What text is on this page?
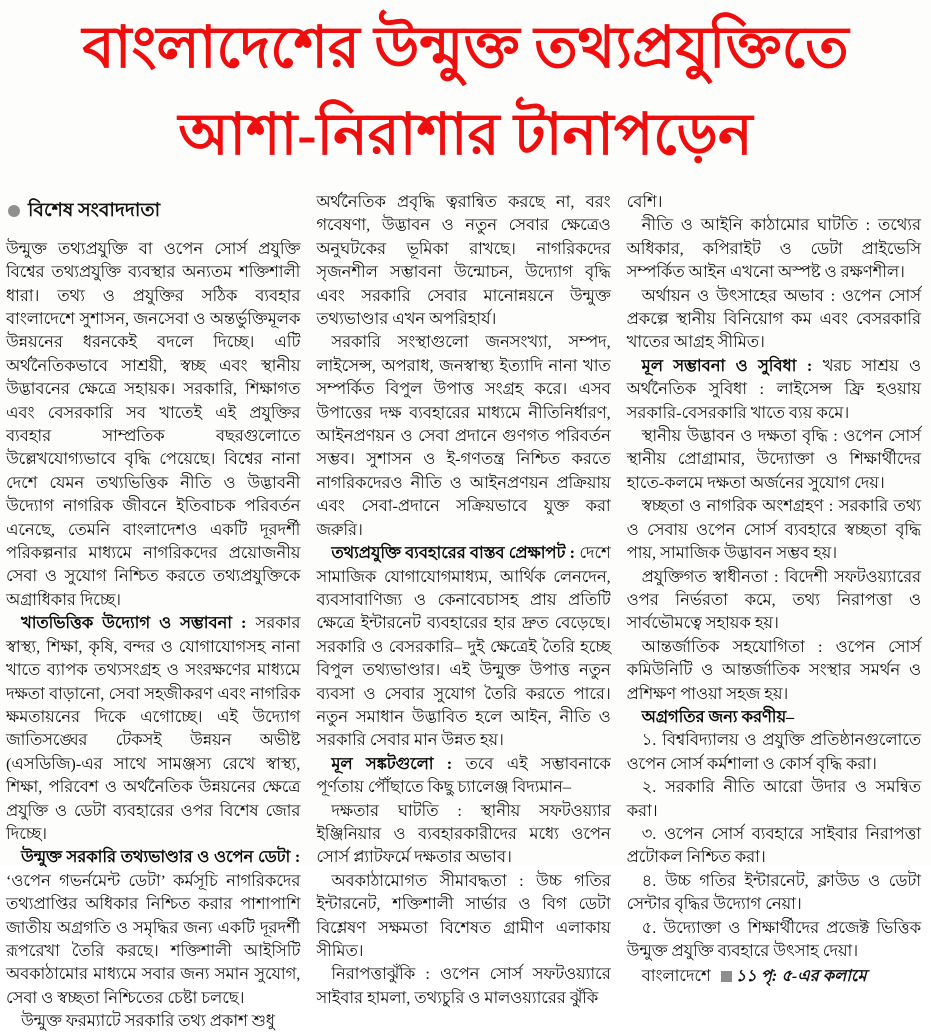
বাংলাদেশের উন্মুক্ত তথ্যপ্রযুক্তিতে
আশা-নিরাশার টানাপড়েন
বিশেষ সংবাদদাতা

উন্মুক্ত তথ্যপ্রযুক্তি বা ওপেন সোর্স প্রযুক্তি বিশ্বের তথ্যপ্রযুক্তি ব্যবস্থার অন্যতম শক্তিশালী ধারা। তথ্য ও প্রযুক্তির সঠিক ব্যবহার বাংলাদেশে সুশাসন, জনসেবা ও অন্তর্ভুক্তিমূলক উন্নয়নের ধরনকেই বদলে দিচ্ছে। এটি অর্থনৈতিকভাবে সাশ্রয়ী, স্বচ্ছ এবং স্থানীয় উদ্ভাবনের ক্ষেত্রে সহায়ক। সরকারি, শিক্ষাগত এবং বেসরকারি সব খাতেই এই প্রযুক্তির ব্যবহার সাম্প্রতিক বছরগুলোতে উল্লেখযোগ্যভাবে বৃদ্ধি পেয়েছে। বিশ্বের নানা দেশে যেমন তথ্যভিত্তিক নীতি ও উদ্ভাবনী উদ্যোগ নাগরিক জীবনে ইতিবাচক পরিবর্তন এনেছে, তেমনি বাংলাদেশও একটি দূরদর্শী পরিকল্পনার মাধ্যমে নাগরিকদের প্রয়োজনীয় সেবা ও সুযোগ নিশ্চিত করতে তথ্যপ্রযুক্তিকে অগ্রাধিকার দিচ্ছে।

খাতভিত্তিক উদ্যোগ ও সম্ভাবনা : সরকার স্বাস্থ্য, শিক্ষা, কৃষি, বন্দর ও যোগাযোগসহ নানা খাতে ব্যাপক তথ্যসংগ্রহ ও সংরক্ষণের মাধ্যমে দক্ষতা বাড়ানো, সেবা সহজীকরণ এবং নাগরিক ক্ষমতায়নের দিকে এগোচ্ছে। এই উদ্যোগ জাতিসঙ্ঘের টেকসই উন্নয়ন অভীষ্ট (এসডিজি)-এর সাথে সামঞ্জস্য রেখে স্বাস্থ্য, শিক্ষা, পরিবেশ ও অর্থনৈতিক উন্নয়নের ক্ষেত্রে প্রযুক্তি ও ডেটা ব্যবহারের ওপর বিশেষ জোর দিচ্ছে।

উন্মুক্ত সরকারি তথ্যভাণ্ডার ও ওপেন ডেটা : ‘ওপেন গভর্নমেন্ট ডেটা’ কর্মসূচি নাগরিকদের তথ্যপ্রাপ্তির অধিকার নিশ্চিত করার পাশাপাশি জাতীয় অগ্রগতি ও সমৃদ্ধির জন্য একটি দূরদর্শী রূপরেখা তৈরি করছে। শক্তিশালী আইসিটি অবকাঠামোর মাধ্যমে সবার জন্য সমান সুযোগ, সেবা ও স্বচ্ছতা নিশ্চিতের চেষ্টা চলছে।

উন্মুক্ত ফরম্যাটে সরকারি তথ্য প্রকাশ শুধু

অর্থনৈতিক প্রবৃদ্ধি ত্বরান্বিত করছে না, বরং গবেষণা, উদ্ভাবন ও নতুন সেবার ক্ষেত্রেও অনুঘটকের ভূমিকা রাখছে। নাগরিকদের সৃজনশীল সম্ভাবনা উন্মোচন, উদ্যোগ বৃদ্ধি এবং সরকারি সেবার মানোন্নয়নে উন্মুক্ত তথ্যভাণ্ডার এখন অপরিহার্য।

সরকারি সংস্থাগুলো জনসংখ্যা, সম্পদ, লাইসেন্স, অপরাধ, জনস্বাস্থ্য ইত্যাদি নানা খাত সম্পর্কিত বিপুল উপাত্ত সংগ্রহ করে। এসব উপাত্তের দক্ষ ব্যবহারের মাধ্যমে নীতিনির্ধারণ, আইনপ্রণয়ন ও সেবা প্রদানে গুণগত পরিবর্তন সম্ভব। সুশাসন ও ই-গণতন্ত্র নিশ্চিত করতে নাগরিকদেরও নীতি ও আইনপ্রণয়ন প্রক্রিয়ায় এবং সেবা-প্রদানে সক্রিয়ভাবে যুক্ত করা জরুরি।

তথ্যপ্রযুক্তি ব্যবহারের বাস্তব প্রেক্ষাপট : দেশে সামাজিক যোগাযোগমাধ্যম, আর্থিক লেনদেন, ব্যবসাবাণিজ্য ও কেনাবেচাসহ প্রায় প্রতিটি ক্ষেত্রে ইন্টারনেট ব্যবহারের হার দ্রুত বেড়েছে। সরকারি ও বেসরকারি– দুই ক্ষেত্রেই তৈরি হচ্ছে বিপুল তথ্যভাণ্ডার। এই উন্মুক্ত উপাত্ত নতুন ব্যবসা ও সেবার সুযোগ তৈরি করতে পারে। নতুন সমাধান উদ্ভাবিত হলে আইন, নীতি ও সরকারি সেবার মান উন্নত হয়।

মূল সঙ্কটগুলো : তবে এই সম্ভাবনাকে পূর্ণতায় পৌঁছাতে কিছু চ্যালেঞ্জ বিদ্যমান–

দক্ষতার ঘাটতি : স্থানীয় সফটওয়্যার ইঞ্জিনিয়ার ও ব্যবহারকারীদের মধ্যে ওপেন সোর্স প্ল্যাটফর্মে দক্ষতার অভাব।

অবকাঠামোগত সীমাবদ্ধতা : উচ্চ গতির ইন্টারনেট, শক্তিশালী সার্ভার ও বিগ ডেটা বিশ্লেষণ সক্ষমতা বিশেষত গ্রামীণ এলাকায় সীমিত।

নিরাপত্তাঝুঁকি : ওপেন সোর্স সফটওয়্যারে সাইবার হামলা, তথ্যচুরি ও মালওয়্যারের ঝুঁকি

বেশি।

নীতি ও আইনি কাঠামোর ঘাটতি : তথ্যের অধিকার, কপিরাইট ও ডেটা প্রাইভেসি সম্পর্কিত আইন এখনো অস্পষ্ট ও রক্ষণশীল।

অর্থায়ন ও উৎসাহের অভাব : ওপেন সোর্স প্রকল্পে স্থানীয় বিনিয়োগ কম এবং বেসরকারি খাতের আগ্রহ সীমিত।

মূল সম্ভাবনা ও সুবিধা : খরচ সাশ্রয় ও অর্থনৈতিক সুবিধা : লাইসেন্স ফ্রি হওয়ায় সরকারি-বেসরকারি খাতে ব্যয় কমে।

স্থানীয় উদ্ভাবন ও দক্ষতা বৃদ্ধি : ওপেন সোর্স স্থানীয় প্রোগ্রামার, উদ্যোক্তা ও শিক্ষার্থীদের হাতে-কলমে দক্ষতা অর্জনের সুযোগ দেয়।

স্বচ্ছতা ও নাগরিক অংশগ্রহণ : সরকারি তথ্য ও সেবায় ওপেন সোর্স ব্যবহারে স্বচ্ছতা বৃদ্ধি পায়, সামাজিক উদ্ভাবন সম্ভব হয়।

প্রযুক্তিগত স্বাধীনতা : বিদেশী সফটওয়্যারের ওপর নির্ভরতা কমে, তথ্য নিরাপত্তা ও সার্বভৌমত্বে সহায়ক হয়।

আন্তর্জাতিক সহযোগিতা : ওপেন সোর্স কমিউনিটি ও আন্তর্জাতিক সংস্থার সমর্থন ও প্রশিক্ষণ পাওয়া সহজ হয়।

অগ্রগতির জন্য করণীয়–

১. বিশ্ববিদ্যালয় ও প্রযুক্তি প্রতিষ্ঠানগুলোতে ওপেন সোর্স কর্মশালা ও কোর্স বৃদ্ধি করা।

২. সরকারি নীতি আরো উদার ও সমন্বিত করা।

৩. ওপেন সোর্স ব্যবহারে সাইবার নিরাপত্তা প্রটোকল নিশ্চিত করা।

৪. উচ্চ গতির ইন্টারনেট, ক্লাউড ও ডেটা সেন্টার বৃদ্ধির উদ্যোগ নেয়া।

৫. উদ্যোক্তা ও শিক্ষার্থীদের প্রজেক্ট ভিত্তিক উন্মুক্ত প্রযুক্তি ব্যবহারে উৎসাহ দেয়া।

বাংলাদেশে ১১ পৃ: ৫-এর কলামে
